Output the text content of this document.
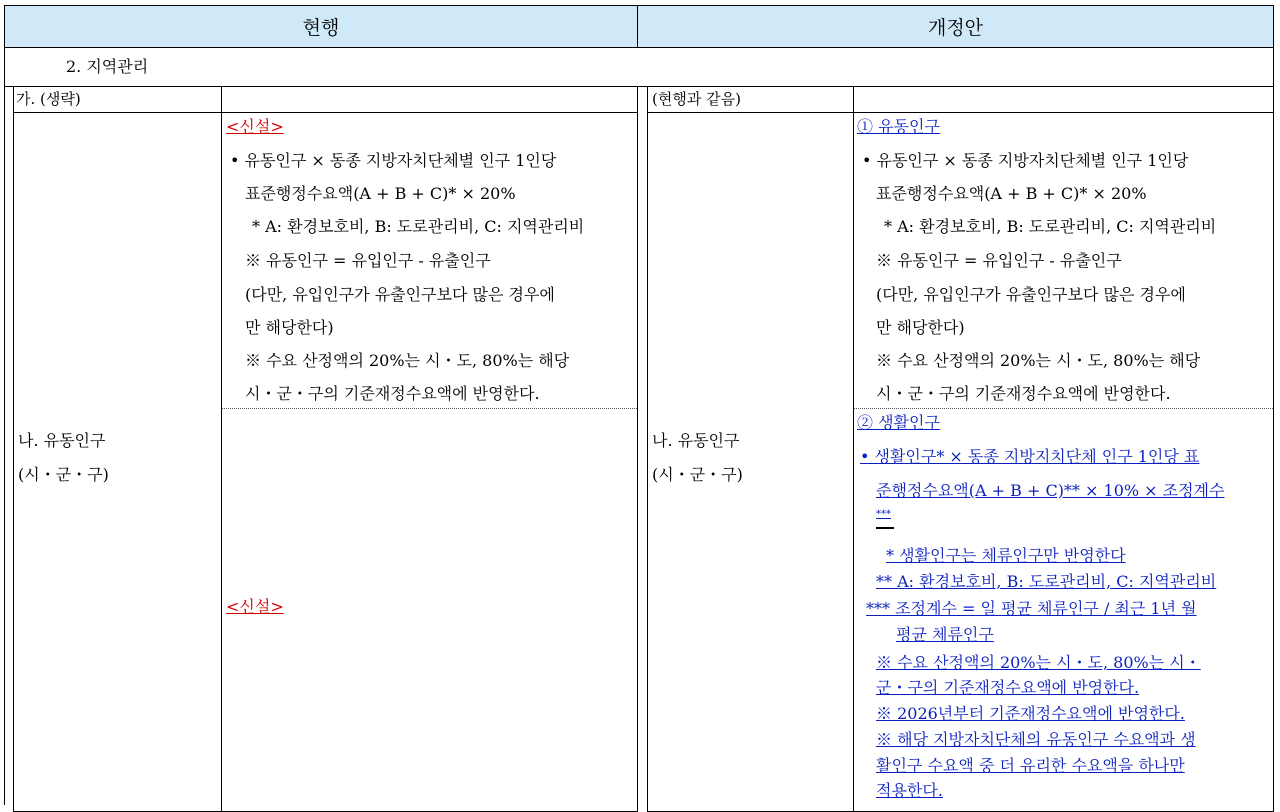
현행	개정안
2. 지역관리
가. (생략)	(현행과 같음)
나. 유동인구
(시・군・구)
나. 유동인구
(시・군・구)
<신설>
• 유동인구 × 동종 지방자치단체별 인구 1인당
표준행정수요액(A + B + C)* × 20%
* A: 환경보호비, B: 도로관리비, C: 지역관리비
※ 유동인구 = 유입인구 - 유출인구
(다만, 유입인구가 유출인구보다 많은 경우에
만 해당한다)
※ 수요 산정액의 20%는 시・도, 80%는 해당
시・군・구의 기준재정수요액에 반영한다.
<신설>
① 유동인구
• 유동인구 × 동종 지방자치단체별 인구 1인당
표준행정수요액(A + B + C)* × 20%
* A: 환경보호비, B: 도로관리비, C: 지역관리비
※ 유동인구 = 유입인구 - 유출인구
(다만, 유입인구가 유출인구보다 많은 경우에
만 해당한다)
※ 수요 산정액의 20%는 시・도, 80%는 해당
시・군・구의 기준재정수요액에 반영한다.
② 생활인구
• 생활인구* × 동종 지방지치단체 인구 1인당 표
준행정수요액(A + B + C)** × 10% × 조정계수
***
* 생활인구는 체류인구만 반영한다
** A: 환경보호비, B: 도로관리비, C: 지역관리비
*** 조정계수 = 일 평균 체류인구 / 최근 1년 월
평균 체류인구
※ 수요 산정액의 20%는 시・도, 80%는 시・
군・구의 기준재정수요액에 반영한다.
※ 2026년부터 기준재정수요액에 반영한다.
※ 해당 지방자치단체의 유동인구 수요액과 생
활인구 수요액 중 더 유리한 수요액을 하나만
적용한다.
